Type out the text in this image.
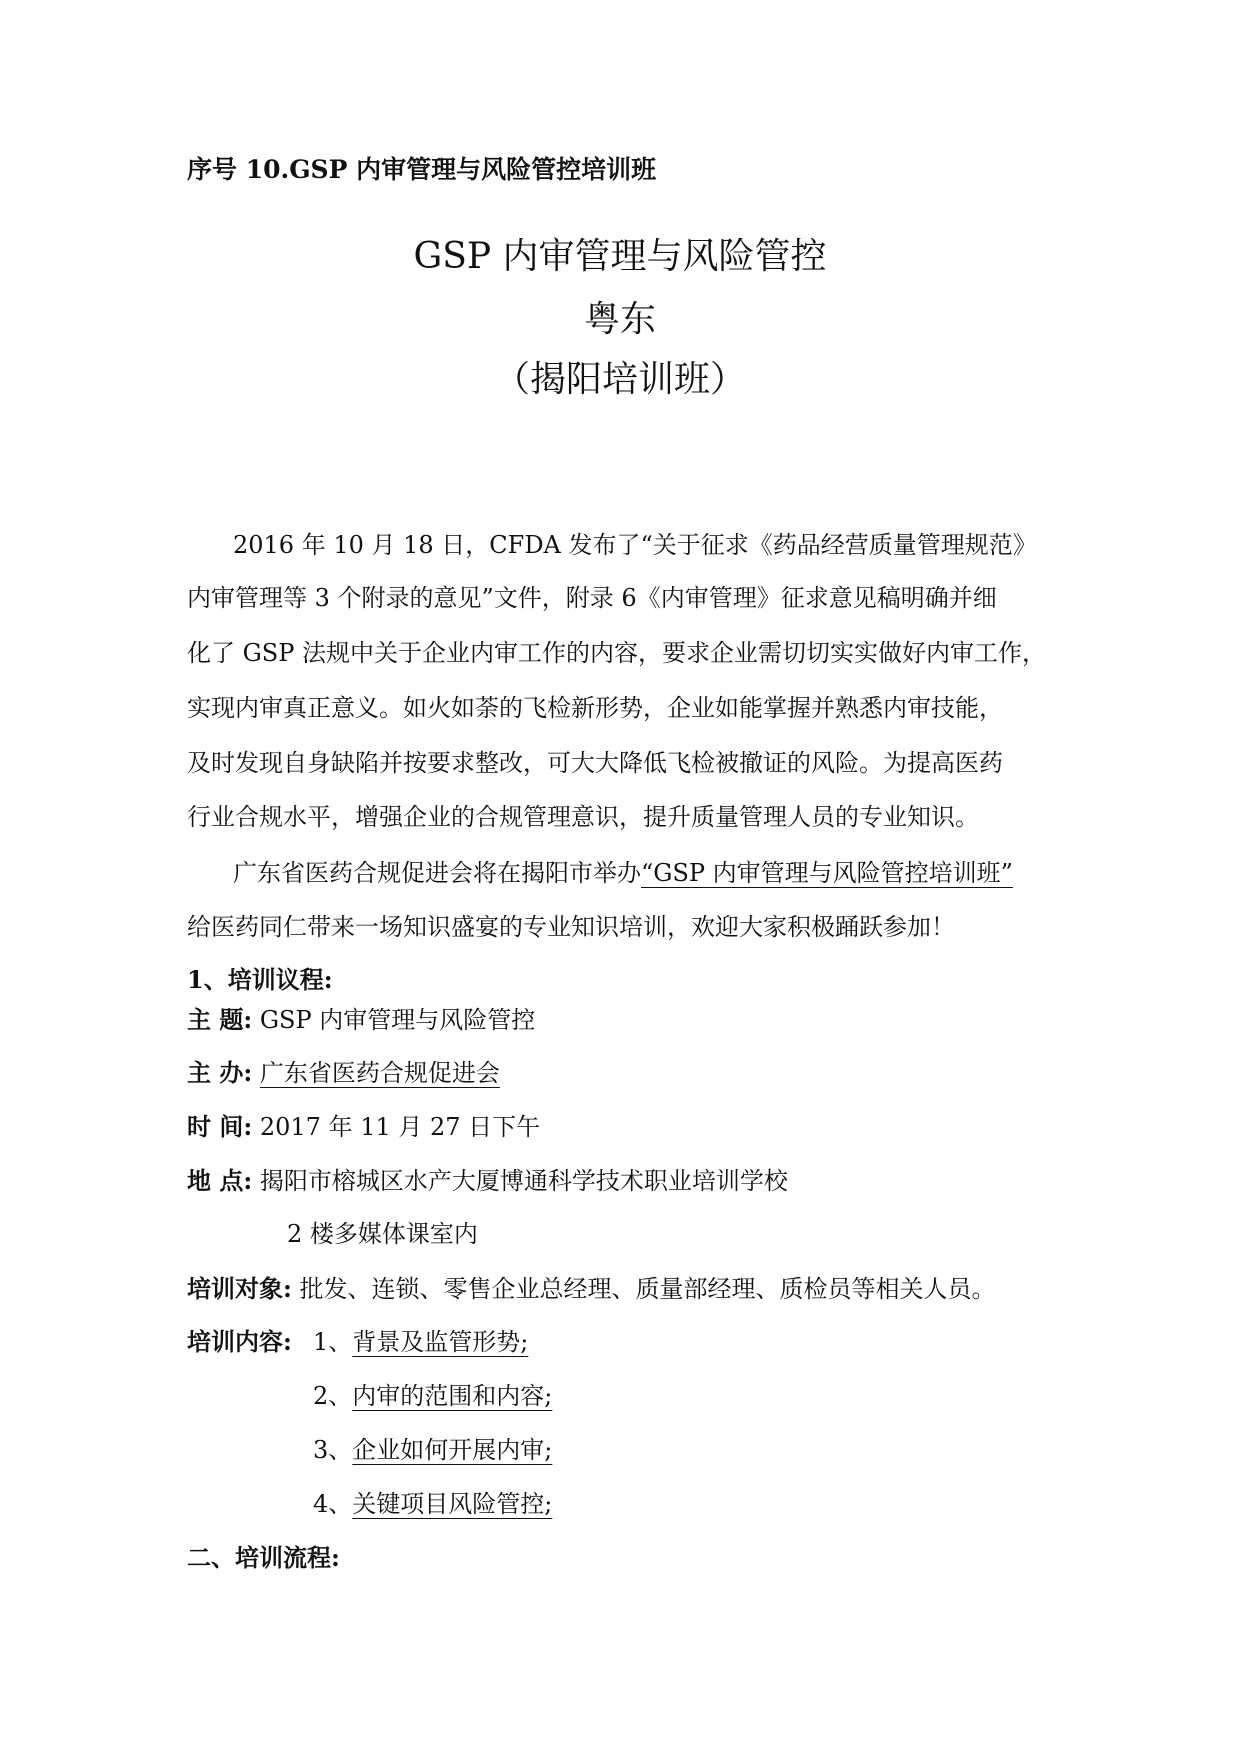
序号 10.GSP 内审管理与风险管控培训班
GSP 内审管理与风险管控
粤东
（揭阳培训班）
2016 年 10 月 18 日，CFDA 发布了“关于征求《药品经营质量管理规范》
内审管理等 3 个附录的意见”文件，附录 6《内审管理》征求意见稿明确并细
化了 GSP 法规中关于企业内审工作的内容，要求企业需切切实实做好内审工作，
实现内审真正意义。如火如荼的飞检新形势，企业如能掌握并熟悉内审技能，
及时发现自身缺陷并按要求整改，可大大降低飞检被撤证的风险。为提高医药
行业合规水平，增强企业的合规管理意识，提升质量管理人员的专业知识。
广东省医药合规促进会将在揭阳市举办“GSP 内审管理与风险管控培训班”
给医药同仁带来一场知识盛宴的专业知识培训，欢迎大家积极踊跃参加！
1、培训议程:
主 题: GSP 内审管理与风险管控
主 办: 广东省医药合规促进会
时 间: 2017 年 11 月 27 日下午
地 点: 揭阳市榕城区水产大厦博通科学技术职业培训学校
2 楼多媒体课室内
培训对象: 批发、连锁、零售企业总经理、质量部经理、质检员等相关人员。
培训内容: 1、背景及监管形势;
2、内审的范围和内容;
3、企业如何开展内审;
4、关键项目风险管控;
二、培训流程:
